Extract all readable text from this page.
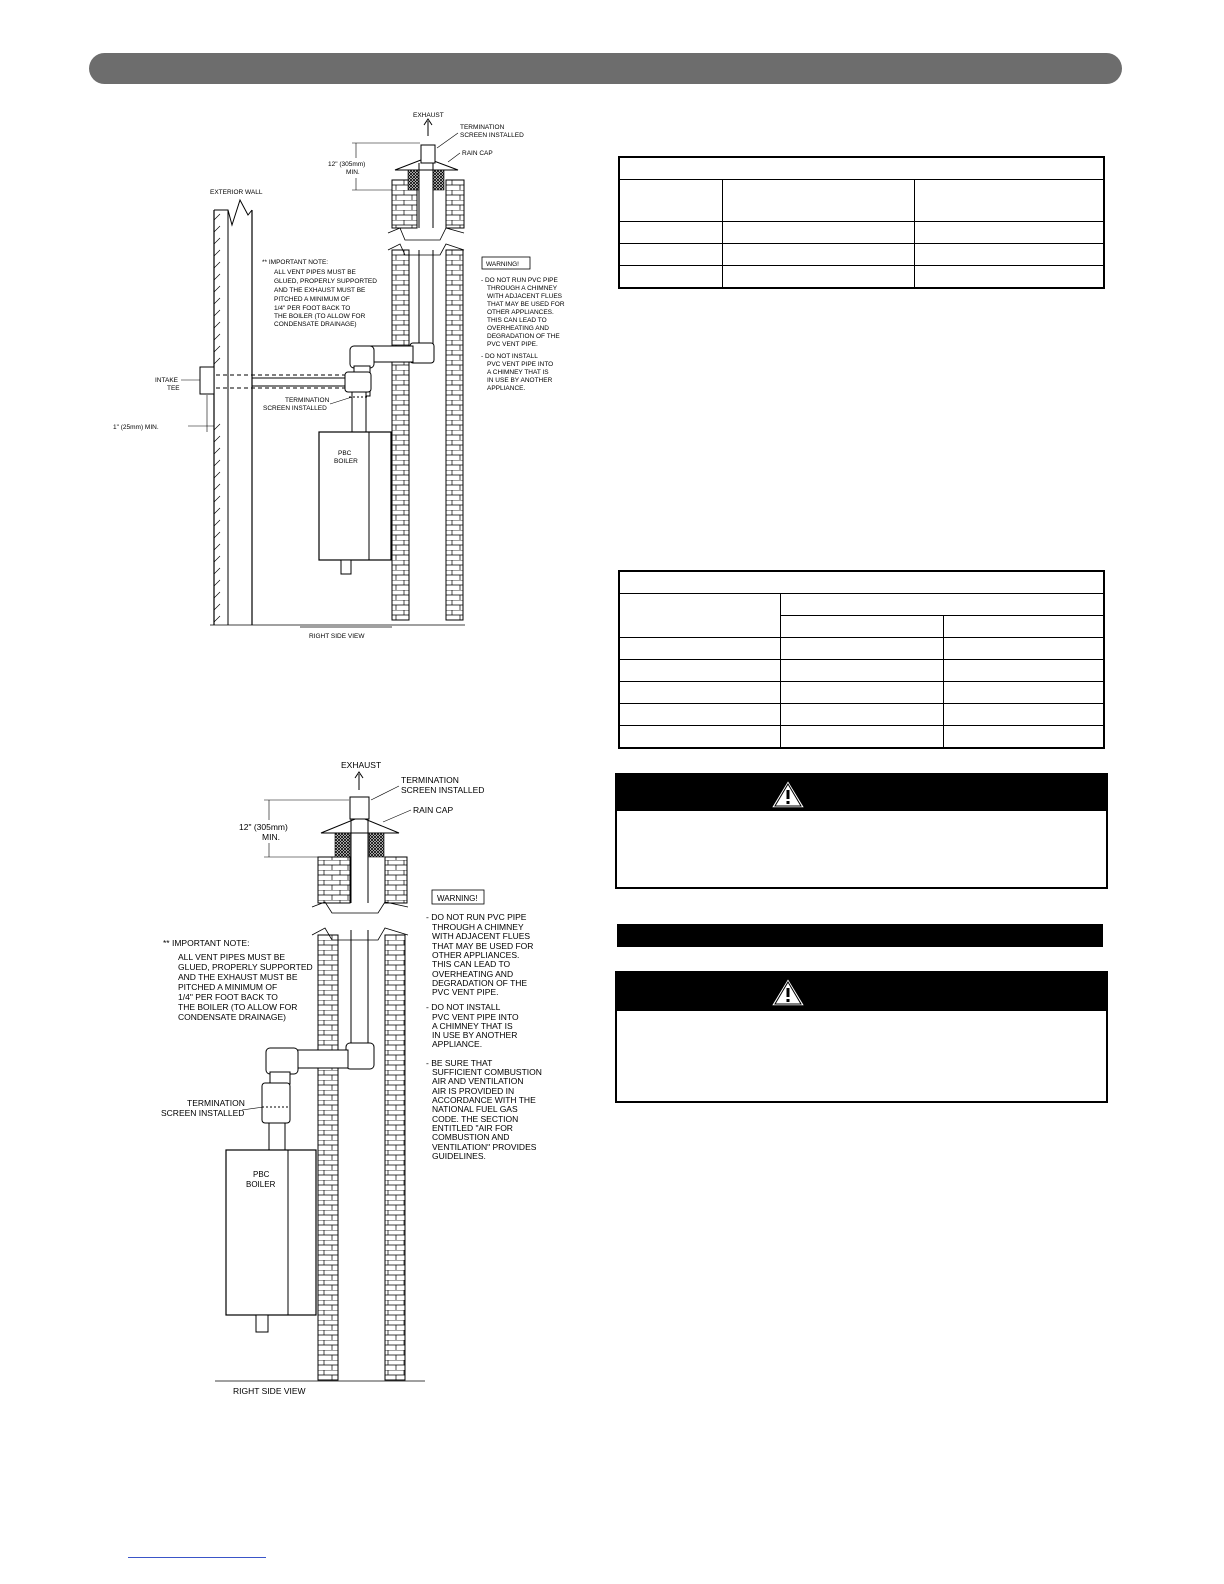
PBC
BOILER
EXHAUST
TERMINATION
SCREEN INSTALLED
RAIN CAP
12" (305mm)
MIN.
EXTERIOR WALL
** IMPORTANT NOTE:
ALL VENT PIPES MUST BE
GLUED, PROPERLY SUPPORTED
AND THE EXHAUST MUST BE
PITCHED A MINIMUM OF
1/4" PER FOOT BACK TO
THE BOILER (TO ALLOW FOR
CONDENSATE DRAINAGE)
WARNING!
- DO NOT RUN PVC PIPE
THROUGH A CHIMNEY
WITH ADJACENT FLUES
THAT MAY BE USED FOR
OTHER APPLIANCES.
THIS CAN LEAD TO
OVERHEATING AND
DEGRADATION OF THE
PVC VENT PIPE.
- DO NOT INSTALL
PVC VENT PIPE INTO
A CHIMNEY THAT IS
IN USE BY ANOTHER
APPLIANCE.
INTAKE
TEE
TERMINATION
SCREEN INSTALLED
1" (25mm) MIN.
RIGHT SIDE VIEW
PBC
BOILER
EXHAUST
TERMINATION
SCREEN INSTALLED
RAIN CAP
12" (305mm)
MIN.
WARNING!
- DO NOT RUN PVC PIPE
THROUGH A CHIMNEY
WITH ADJACENT FLUES
THAT MAY BE USED FOR
OTHER APPLIANCES.
THIS CAN LEAD TO
OVERHEATING AND
DEGRADATION OF THE
PVC VENT PIPE.
- DO NOT INSTALL
PVC VENT PIPE INTO
A CHIMNEY THAT IS
IN USE BY ANOTHER
APPLIANCE.
- BE SURE THAT
SUFFICIENT COMBUSTION
AIR AND VENTILATION
AIR IS PROVIDED IN
ACCORDANCE WITH THE
NATIONAL FUEL GAS
CODE. THE SECTION
ENTITLED "AIR FOR
COMBUSTION AND
VENTILATION" PROVIDES
GUIDELINES.
** IMPORTANT NOTE:
ALL VENT PIPES MUST BE
GLUED, PROPERLY SUPPORTED
AND THE EXHAUST MUST BE
PITCHED A MINIMUM OF
1/4" PER FOOT BACK TO
THE BOILER (TO ALLOW FOR
CONDENSATE DRAINAGE)
TERMINATION
SCREEN INSTALLED
RIGHT SIDE VIEW
